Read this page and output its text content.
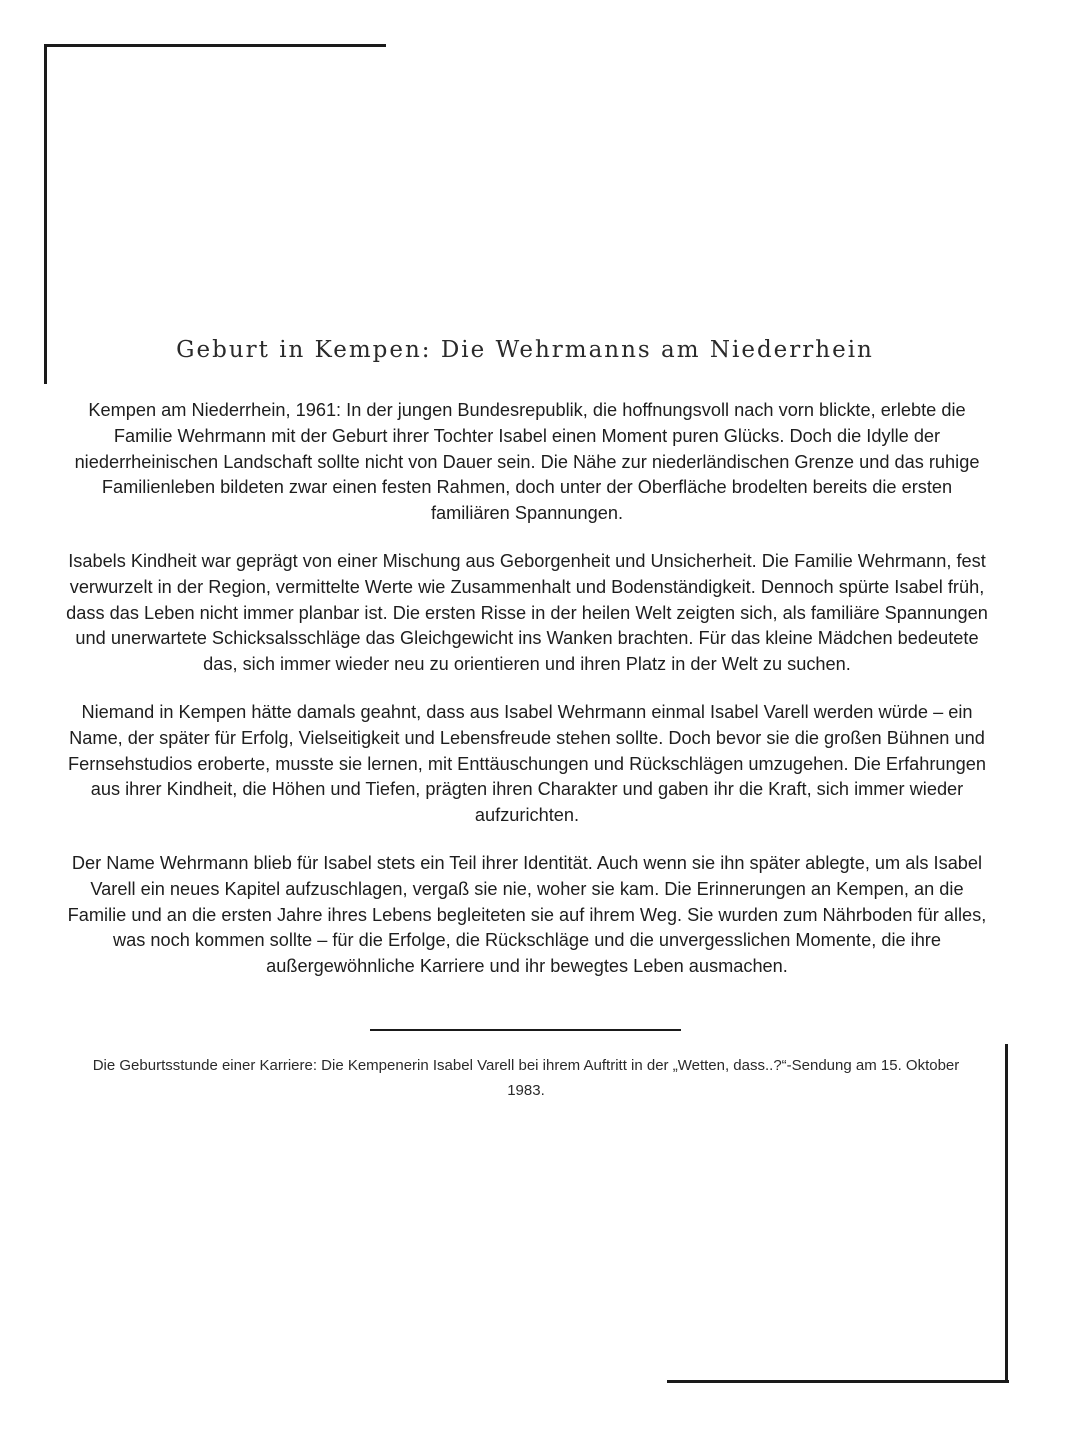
Geburt in Kempen: Die Wehrmanns am Niederrhein

Kempen am Niederrhein, 1961: In der jungen Bundesrepublik, die hoffnungsvoll nach vorn blickte, erlebte die Familie Wehrmann mit der Geburt ihrer Tochter Isabel einen Moment puren Glücks. Doch die Idylle der niederrheinischen Landschaft sollte nicht von Dauer sein. Die Nähe zur niederländischen Grenze und das ruhige Familienleben bildeten zwar einen festen Rahmen, doch unter der Oberfläche brodelten bereits die ersten familiären Spannungen.

Isabels Kindheit war geprägt von einer Mischung aus Geborgenheit und Unsicherheit. Die Familie Wehrmann, fest verwurzelt in der Region, vermittelte Werte wie Zusammenhalt und Bodenständigkeit. Dennoch spürte Isabel früh, dass das Leben nicht immer planbar ist. Die ersten Risse in der heilen Welt zeigten sich, als familiäre Spannungen und unerwartete Schicksalsschläge das Gleichgewicht ins Wanken brachten. Für das kleine Mädchen bedeutete das, sich immer wieder neu zu orientieren und ihren Platz in der Welt zu suchen.

Niemand in Kempen hätte damals geahnt, dass aus Isabel Wehrmann einmal Isabel Varell werden würde – ein Name, der später für Erfolg, Vielseitigkeit und Lebensfreude stehen sollte. Doch bevor sie die großen Bühnen und Fernsehstudios eroberte, musste sie lernen, mit Enttäuschungen und Rückschlägen umzugehen. Die Erfahrungen aus ihrer Kindheit, die Höhen und Tiefen, prägten ihren Charakter und gaben ihr die Kraft, sich immer wieder aufzurichten.

Der Name Wehrmann blieb für Isabel stets ein Teil ihrer Identität. Auch wenn sie ihn später ablegte, um als Isabel Varell ein neues Kapitel aufzuschlagen, vergaß sie nie, woher sie kam. Die Erinnerungen an Kempen, an die Familie und an die ersten Jahre ihres Lebens begleiteten sie auf ihrem Weg. Sie wurden zum Nährboden für alles, was noch kommen sollte – für die Erfolge, die Rückschläge und die unvergesslichen Momente, die ihre außergewöhnliche Karriere und ihr bewegtes Leben ausmachen.

Die Geburtsstunde einer Karriere: Die Kempenerin Isabel Varell bei ihrem Auftritt in der „Wetten, dass..?“-Sendung am 15. Oktober 1983.
